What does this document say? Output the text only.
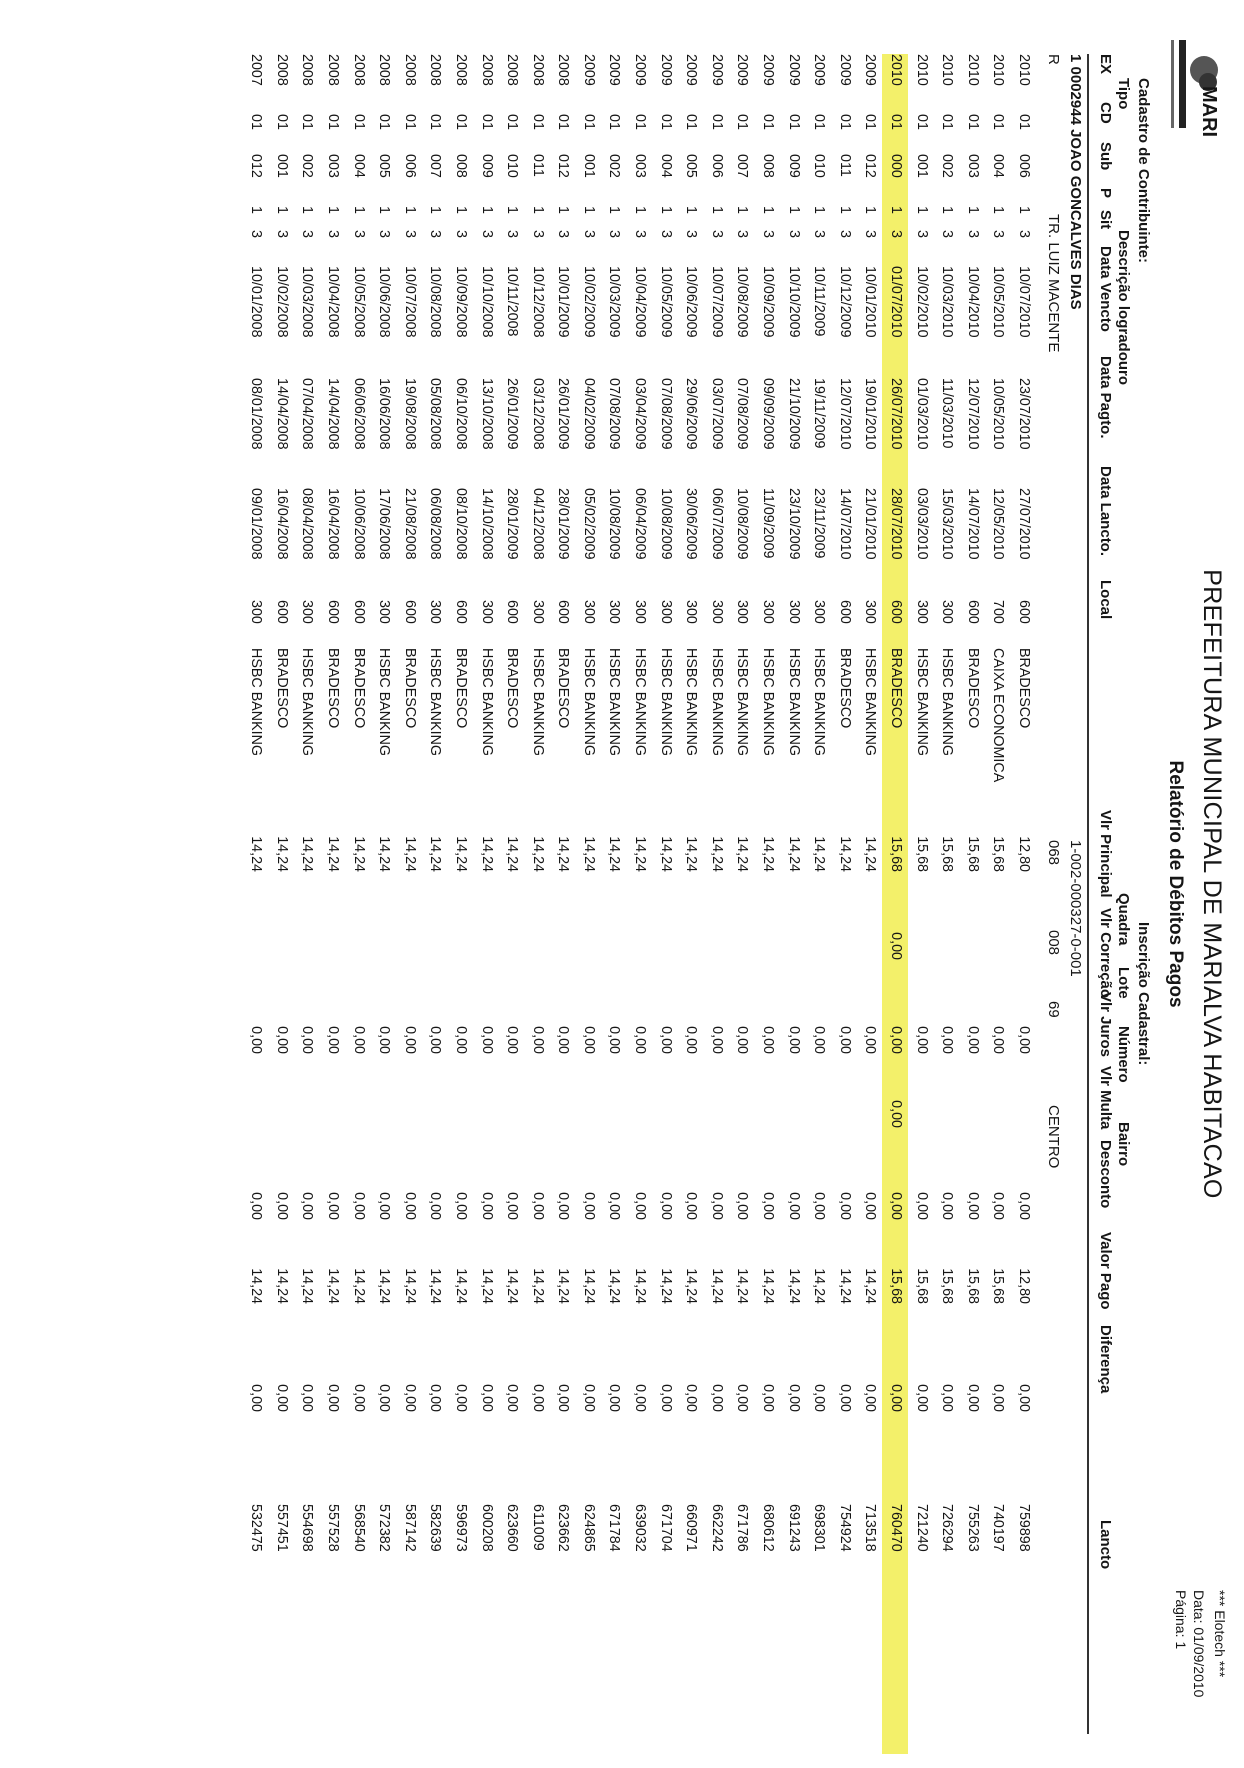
MARI
PREFEITURA MUNICIPAL DE MARIALVA HABITACAO
Relatório de Débitos Pagos
*** Elotech ***
Data: 01/09/2010
Página: 1
Cadastro de Contribuinte:
Tipo
Descrição logradouro
Inscrição Cadastral:
Quadra
Lote
Número
Bairro
EX
CD
Sub
P
Sit
Data Vencto
Data Pagto.
Data Lancto.
Local
Vlr Principal
Vlr Correção
Vlr Juros
Vlr Multa
Desconto
Valor Pago
Diferença
Lancto
1 0002944 JOAO GONCALVES DIAS
1-002-000327-0-001
R
TR. LUIZ MACENTE
068
008
69
CENTRO
2010
01
006
1
3
10/07/2010
23/07/2010
27/07/2010
600
BRADESCO
12,80
0,00
0,00
12,80
0,00
759898
2010
01
004
1
3
10/05/2010
10/05/2010
12/05/2010
700
CAIXA ECONOMICA
15,68
0,00
0,00
15,68
0,00
740197
2010
01
003
1
3
10/04/2010
12/07/2010
14/07/2010
600
BRADESCO
15,68
0,00
0,00
15,68
0,00
755263
2010
01
002
1
3
10/03/2010
11/03/2010
15/03/2010
300
HSBC BANKING
15,68
0,00
0,00
15,68
0,00
726294
2010
01
001
1
3
10/02/2010
01/03/2010
03/03/2010
300
HSBC BANKING
15,68
0,00
0,00
15,68
0,00
721240
2010
01
000
1
3
01/07/2010
26/07/2010
28/07/2010
600
BRADESCO
15,68
0,00
0,00
0,00
0,00
15,68
0,00
760470
2009
01
012
1
3
10/01/2010
19/01/2010
21/01/2010
300
HSBC BANKING
14,24
0,00
0,00
14,24
0,00
713518
2009
01
011
1
3
10/12/2009
12/07/2010
14/07/2010
600
BRADESCO
14,24
0,00
0,00
14,24
0,00
754924
2009
01
010
1
3
10/11/2009
19/11/2009
23/11/2009
300
HSBC BANKING
14,24
0,00
0,00
14,24
0,00
698301
2009
01
009
1
3
10/10/2009
21/10/2009
23/10/2009
300
HSBC BANKING
14,24
0,00
0,00
14,24
0,00
691243
2009
01
008
1
3
10/09/2009
09/09/2009
11/09/2009
300
HSBC BANKING
14,24
0,00
0,00
14,24
0,00
680612
2009
01
007
1
3
10/08/2009
07/08/2009
10/08/2009
300
HSBC BANKING
14,24
0,00
0,00
14,24
0,00
671786
2009
01
006
1
3
10/07/2009
03/07/2009
06/07/2009
300
HSBC BANKING
14,24
0,00
0,00
14,24
0,00
662242
2009
01
005
1
3
10/06/2009
29/06/2009
30/06/2009
300
HSBC BANKING
14,24
0,00
0,00
14,24
0,00
660971
2009
01
004
1
3
10/05/2009
07/08/2009
10/08/2009
300
HSBC BANKING
14,24
0,00
0,00
14,24
0,00
671704
2009
01
003
1
3
10/04/2009
03/04/2009
06/04/2009
300
HSBC BANKING
14,24
0,00
0,00
14,24
0,00
639032
2009
01
002
1
3
10/03/2009
07/08/2009
10/08/2009
300
HSBC BANKING
14,24
0,00
0,00
14,24
0,00
671784
2009
01
001
1
3
10/02/2009
04/02/2009
05/02/2009
300
HSBC BANKING
14,24
0,00
0,00
14,24
0,00
624865
2008
01
012
1
3
10/01/2009
26/01/2009
28/01/2009
600
BRADESCO
14,24
0,00
0,00
14,24
0,00
623662
2008
01
011
1
3
10/12/2008
03/12/2008
04/12/2008
300
HSBC BANKING
14,24
0,00
0,00
14,24
0,00
611009
2008
01
010
1
3
10/11/2008
26/01/2009
28/01/2009
600
BRADESCO
14,24
0,00
0,00
14,24
0,00
623660
2008
01
009
1
3
10/10/2008
13/10/2008
14/10/2008
300
HSBC BANKING
14,24
0,00
0,00
14,24
0,00
600208
2008
01
008
1
3
10/09/2008
06/10/2008
08/10/2008
600
BRADESCO
14,24
0,00
0,00
14,24
0,00
596973
2008
01
007
1
3
10/08/2008
05/08/2008
06/08/2008
300
HSBC BANKING
14,24
0,00
0,00
14,24
0,00
582639
2008
01
006
1
3
10/07/2008
19/08/2008
21/08/2008
600
BRADESCO
14,24
0,00
0,00
14,24
0,00
587142
2008
01
005
1
3
10/06/2008
16/06/2008
17/06/2008
300
HSBC BANKING
14,24
0,00
0,00
14,24
0,00
572382
2008
01
004
1
3
10/05/2008
06/06/2008
10/06/2008
600
BRADESCO
14,24
0,00
0,00
14,24
0,00
568540
2008
01
003
1
3
10/04/2008
14/04/2008
16/04/2008
600
BRADESCO
14,24
0,00
0,00
14,24
0,00
557528
2008
01
002
1
3
10/03/2008
07/04/2008
08/04/2008
300
HSBC BANKING
14,24
0,00
0,00
14,24
0,00
554698
2008
01
001
1
3
10/02/2008
14/04/2008
16/04/2008
600
BRADESCO
14,24
0,00
0,00
14,24
0,00
557451
2007
01
012
1
3
10/01/2008
08/01/2008
09/01/2008
300
HSBC BANKING
14,24
0,00
0,00
14,24
0,00
532475
